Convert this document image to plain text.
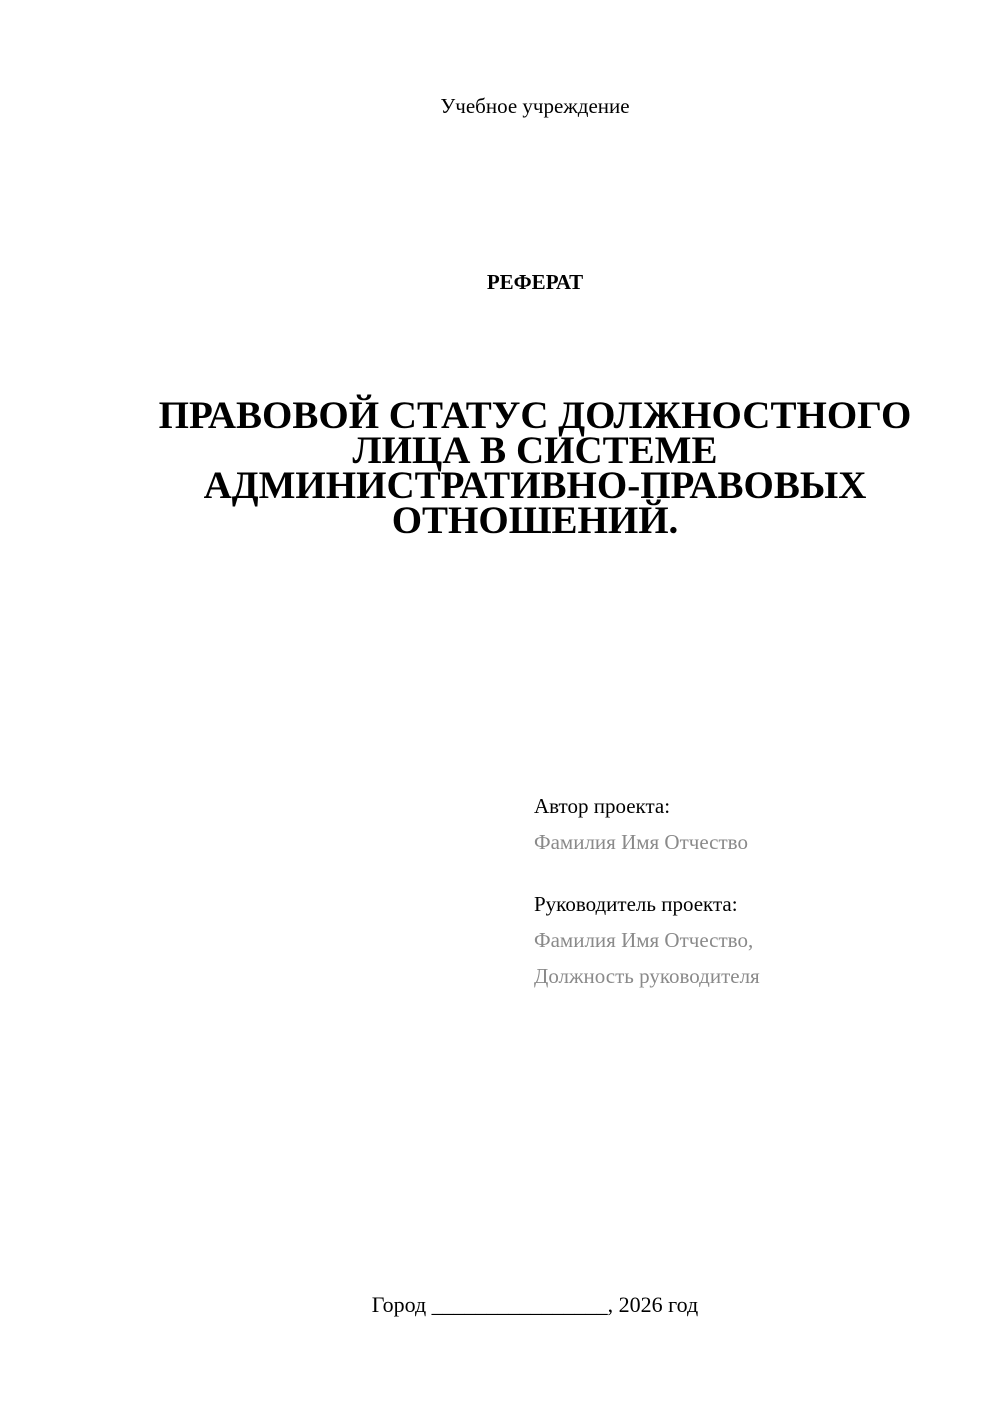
Учебное учреждение
РЕФЕРАТ
ПРАВОВОЙ СТАТУС ДОЛЖНОСТНОГО
ЛИЦА В СИСТЕМЕ
АДМИНИСТРАТИВНО-ПРАВОВЫХ
ОТНОШЕНИЙ.
Автор проекта:
Фамилия Имя Отчество
Руководитель проекта:
Фамилия Имя Отчество,
Должность руководителя
Город ________________, 2026 год
